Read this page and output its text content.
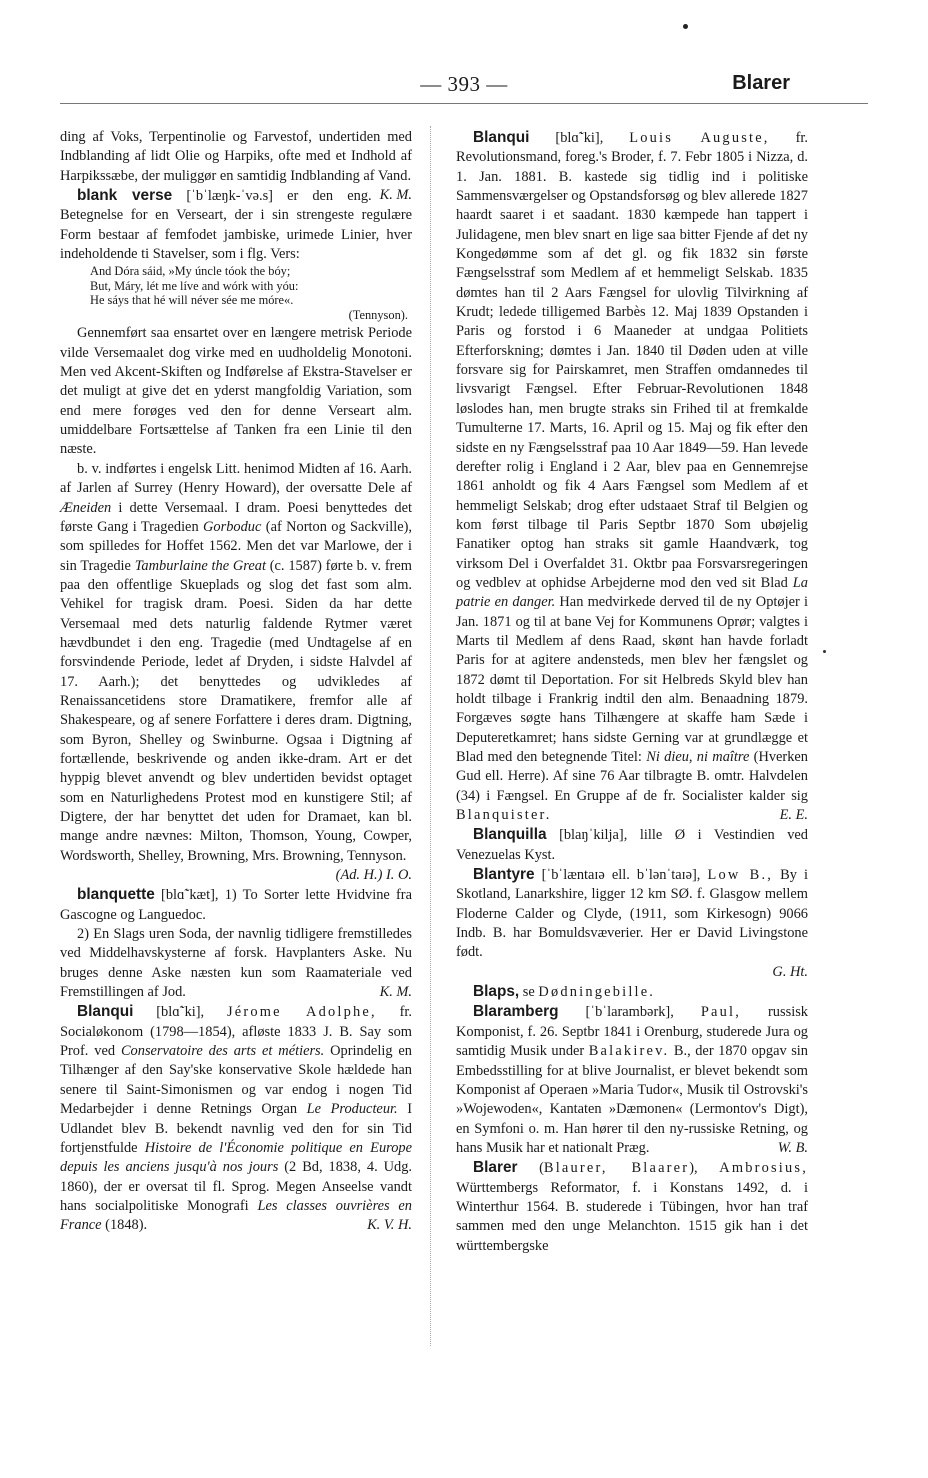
— 393 —	Blarer

ding af Voks, Terpentinolie og Farvestof, undertiden med Indblanding af lidt Olie og Harpiks, ofte med et Indhold af Harpikssæbe, der muliggør en samtidig Indblanding af Vand.
K. M.

blank verse [ˈbˈlæŋk-ˈvə.s] er den eng. Betegnelse for en Verseart, der i sin strengeste regulære Form bestaar af femfodet jambiske, urimede Linier, hver indeholdende ti Stavelser, som i flg. Vers:

And Dóra sáid, »My úncle tóok the bóy;
But, Máry, lét me líve and wórk with yóu:
He sáys that hé will néver sée me móre«.
(Tennyson).

Gennemført saa ensartet over en længere metrisk Periode vilde Versemaalet dog virke med en uudholdelig Monotoni. Men ved Akcent-Skiften og Indførelse af Ekstra-Stavelser er det muligt at give det en yderst mangfoldig Variation, som end mere forøges ved den for denne Verseart alm. umiddelbare Fortsættelse af Tanken fra een Linie til den næste.

b. v. indførtes i engelsk Litt. henimod Midten af 16. Aarh. af Jarlen af Surrey (Henry Howard), der oversatte Dele af Æneiden i dette Versemaal. I dram. Poesi benyttedes det første Gang i Tragedien Gorboduc (af Norton og Sackville), som spilledes for Hoffet 1562. Men det var Marlowe, der i sin Tragedie Tamburlaine the Great (c. 1587) førte b. v. frem paa den offentlige Skueplads og slog det fast som alm. Vehikel for tragisk dram. Poesi. Siden da har dette Versemaal med dets naturlig faldende Rytmer været hævdbundet i den eng. Tragedie (med Undtagelse af en forsvindende Periode, ledet af Dryden, i sidste Halvdel af 17. Aarh.); det benyttedes og udvikledes af Renaissancetidens store Dramatikere, fremfor alle af Shakespeare, og af senere Forfattere i deres dram. Digtning, som Byron, Shelley og Swinburne. Ogsaa i Digtning af fortællende, beskrivende og anden ikke-dram. Art er det hyppig blevet anvendt og blev undertiden bevidst optaget som en Naturlighedens Protest mod en kunstigere Stil; af Digtere, der har benyttet det uden for Dramaet, kan bl. mange andre nævnes: Milton, Thomson, Young, Cowper, Wordsworth, Shelley, Browning, Mrs. Browning, Tennyson.

(Ad. H.) I. O.

blanquette [blɑ̃ˈkæt], 1) To Sorter lette Hvidvine fra Gascogne og Languedoc.

2) En Slags uren Soda, der navnlig tidligere fremstilledes ved Middelhavskysterne af forsk. Havplanters Aske. Nu bruges denne Aske næsten kun som Raamateriale ved Fremstillingen af Jod.	K. M.

Blanqui [blɑ̃ˈki], Jérome Adolphe, fr. Socialøkonom (1798—1854), afløste 1833 J. B. Say som Prof. ved Conservatoire des arts et métiers. Oprindelig en Tilhænger af den Say'ske konservative Skole hældede han senere til Saint-Simonismen og var endog i nogen Tid Medarbejder i denne Retnings Organ Le Producteur. I Udlandet blev B. bekendt navnlig ved den for sin Tid fortjenstfulde Histoire de l'Économie politique en Europe depuis les anciens jusqu'à nos jours (2 Bd, 1838, 4. Udg. 1860), der er oversat til fl. Sprog. Megen Anseelse vandt hans socialpolitiske Monografi Les classes ouvrières en France (1848).	K. V. H.

Blanqui [blɑ̃ˈki], Louis Auguste, fr. Revolutionsmand, foreg.'s Broder, f. 7. Febr 1805 i Nizza, d. 1. Jan. 1881. B. kastede sig tidlig ind i politiske Sammensværgelser og Opstandsforsøg og blev allerede 1827 haardt saaret i et saadant. 1830 kæmpede han tappert i Julidagene, men blev snart en lige saa bitter Fjende af det ny Kongedømme som af det gl. og fik 1832 sin første Fængselsstraf som Medlem af et hemmeligt Selskab. 1835 dømtes han til 2 Aars Fængsel for ulovlig Tilvirkning af Krudt; ledede tilligemed Barbès 12. Maj 1839 Opstanden i Paris og forstod i 6 Maaneder at undgaa Politiets Efterforskning; dømtes i Jan. 1840 til Døden uden at ville forsvare sig for Pairskamret, men Straffen omdannedes til livsvarigt Fængsel. Efter Februar-Revolutionen 1848 løslodes han, men brugte straks sin Frihed til at fremkalde Tumulterne 17. Marts, 16. April og 15. Maj og fik efter den sidste en ny Fængselsstraf paa 10 Aar 1849—59. Han levede derefter rolig i England i 2 Aar, blev paa en Gennemrejse 1861 anholdt og fik 4 Aars Fængsel som Medlem af et hemmeligt Selskab; drog efter udstaaet Straf til Belgien og kom først tilbage til Paris Septbr 1870 Som ubøjelig Fanatiker optog han straks sit gamle Haandværk, tog virksom Del i Overfaldet 31. Oktbr paa Forsvarsregeringen og vedblev at ophidse Arbejderne mod den ved sit Blad La patrie en danger. Han medvirkede derved til de ny Optøjer i Jan. 1871 og til at bane Vej for Kommunens Oprør; valgtes i Marts til Medlem af dens Raad, skønt han havde forladt Paris for at agitere andensteds, men blev her fængslet og 1872 dømt til Deportation. For sit Helbreds Skyld blev han holdt tilbage i Frankrig indtil den alm. Benaadning 1879. Forgæves søgte hans Tilhængere at skaffe ham Sæde i Deputeretkamret; hans sidste Gerning var at grundlægge et Blad med den betegnende Titel: Ni dieu, ni maître (Hverken Gud ell. Herre). Af sine 76 Aar tilbragte B. omtr. Halvdelen (34) i Fængsel. En Gruppe af de fr. Socialister kalder sig Blanquister.	E. E.

Blanquilla [blaŋˈkilja], lille Ø i Vestindien ved Venezuelas Kyst.

Blantyre [ˈbˈlæntaɪə ell. bˈlənˈtaɪə], Low B., By i Skotland, Lanarkshire, ligger 12 km SØ. f. Glasgow mellem Floderne Calder og Clyde, (1911, som Kirkesogn) 9066 Indb. B. har Bomuldsvæverier. Her er David Livingstone født.

G. Ht.

Blaps, se Dødningebille.

Blaramberg [ˈbˈlarambərk], Paul, russisk Komponist, f. 26. Septbr 1841 i Orenburg, studerede Jura og samtidig Musik under Balakirev. B., der 1870 opgav sin Embedsstilling for at blive Journalist, er blevet bekendt som Komponist af Operaen »Maria Tudor«, Musik til Ostrovski's »Wojewoden«, Kantaten »Dæmonen« (Lermontov's Digt), en Symfoni o. m. Han hører til den ny-russiske Retning, og hans Musik har et nationalt Præg.	W. B.

Blarer (Blaurer, Blaarer), Ambrosius, Württembergs Reformator, f. i Konstans 1492, d. i Winterthur 1564. B. studerede i Tübingen, hvor han traf sammen med den unge Melanchton. 1515 gik han i det württembergske
